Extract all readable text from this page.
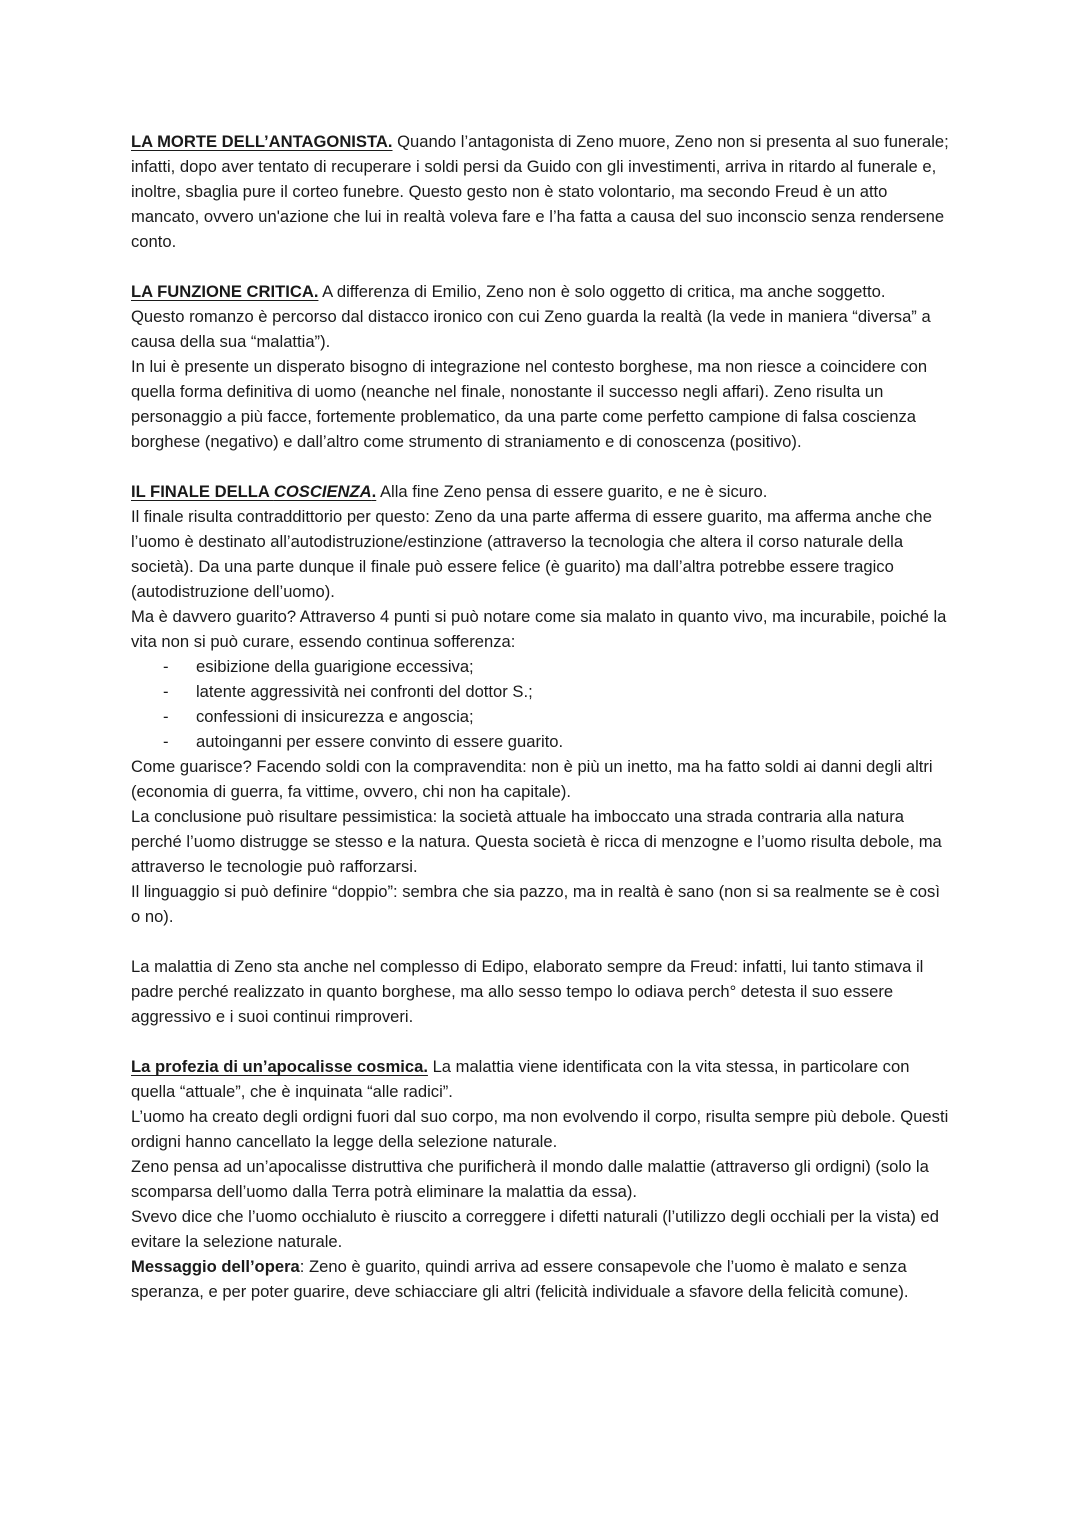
LA MORTE DELL’ANTAGONISTA. Quando l’antagonista di Zeno muore, Zeno non si presenta al suo funerale; infatti, dopo aver tentato di recuperare i soldi persi da Guido con gli investimenti, arriva in ritardo al funerale e, inoltre, sbaglia pure il corteo funebre. Questo gesto non è stato volontario, ma secondo Freud è un atto mancato, ovvero un'azione che lui in realtà voleva fare e l’ha fatta a causa del suo inconscio senza rendersene conto.

LA FUNZIONE CRITICA. A differenza di Emilio, Zeno non è solo oggetto di critica, ma anche soggetto.

Questo romanzo è percorso dal distacco ironico con cui Zeno guarda la realtà (la vede in maniera “diversa” a causa della sua “malattia”).

In lui è presente un disperato bisogno di integrazione nel contesto borghese, ma non riesce a coincidere con quella forma definitiva di uomo (neanche nel finale, nonostante il successo negli affari). Zeno risulta un personaggio a più facce, fortemente problematico, da una parte come perfetto campione di falsa coscienza borghese (negativo) e dall’altro come strumento di straniamento e di conoscenza (positivo).

IL FINALE DELLA COSCIENZA. Alla fine Zeno pensa di essere guarito, e ne è sicuro.

Il finale risulta contraddittorio per questo: Zeno da una parte afferma di essere guarito, ma afferma anche che l’uomo è destinato all’autodistruzione/estinzione (attraverso la tecnologia che altera il corso naturale della società). Da una parte dunque il finale può essere felice (è guarito) ma dall’altra potrebbe essere tragico (autodistruzione dell’uomo).

Ma è davvero guarito? Attraverso 4 punti si può notare come sia malato in quanto vivo, ma incurabile, poiché la vita non si può curare, essendo continua sofferenza:

- esibizione della guarigione eccessiva;
- latente aggressività nei confronti del dottor S.;
- confessioni di insicurezza e angoscia;
- autoinganni per essere convinto di essere guarito.

Come guarisce? Facendo soldi con la compravendita: non è più un inetto, ma ha fatto soldi ai danni degli altri (economia di guerra, fa vittime, ovvero, chi non ha capitale).

La conclusione può risultare pessimistica: la società attuale ha imboccato una strada contraria alla natura perché l’uomo distrugge se stesso e la natura. Questa società è ricca di menzogne e l’uomo risulta debole, ma attraverso le tecnologie può rafforzarsi.

Il linguaggio si può definire “doppio”: sembra che sia pazzo, ma in realtà è sano (non si sa realmente se è così o no).

La malattia di Zeno sta anche nel complesso di Edipo, elaborato sempre da Freud: infatti, lui tanto stimava il padre perché realizzato in quanto borghese, ma allo sesso tempo lo odiava perch° detesta il suo essere aggressivo e i suoi continui rimproveri.

La profezia di un’apocalisse cosmica. La malattia viene identificata con la vita stessa, in particolare con quella “attuale”, che è inquinata “alle radici”.

L’uomo ha creato degli ordigni fuori dal suo corpo, ma non evolvendo il corpo, risulta sempre più debole. Questi ordigni hanno cancellato la legge della selezione naturale.

Zeno pensa ad un’apocalisse distruttiva che purificherà il mondo dalle malattie (attraverso gli ordigni) (solo la scomparsa dell’uomo dalla Terra potrà eliminare la malattia da essa).

Svevo dice che l’uomo occhialuto è riuscito a correggere i difetti naturali (l’utilizzo degli occhiali per la vista) ed evitare la selezione naturale.

Messaggio dell’opera: Zeno è guarito, quindi arriva ad essere consapevole che l’uomo è malato e senza speranza, e per poter guarire, deve schiacciare gli altri (felicità individuale a sfavore della felicità comune).
